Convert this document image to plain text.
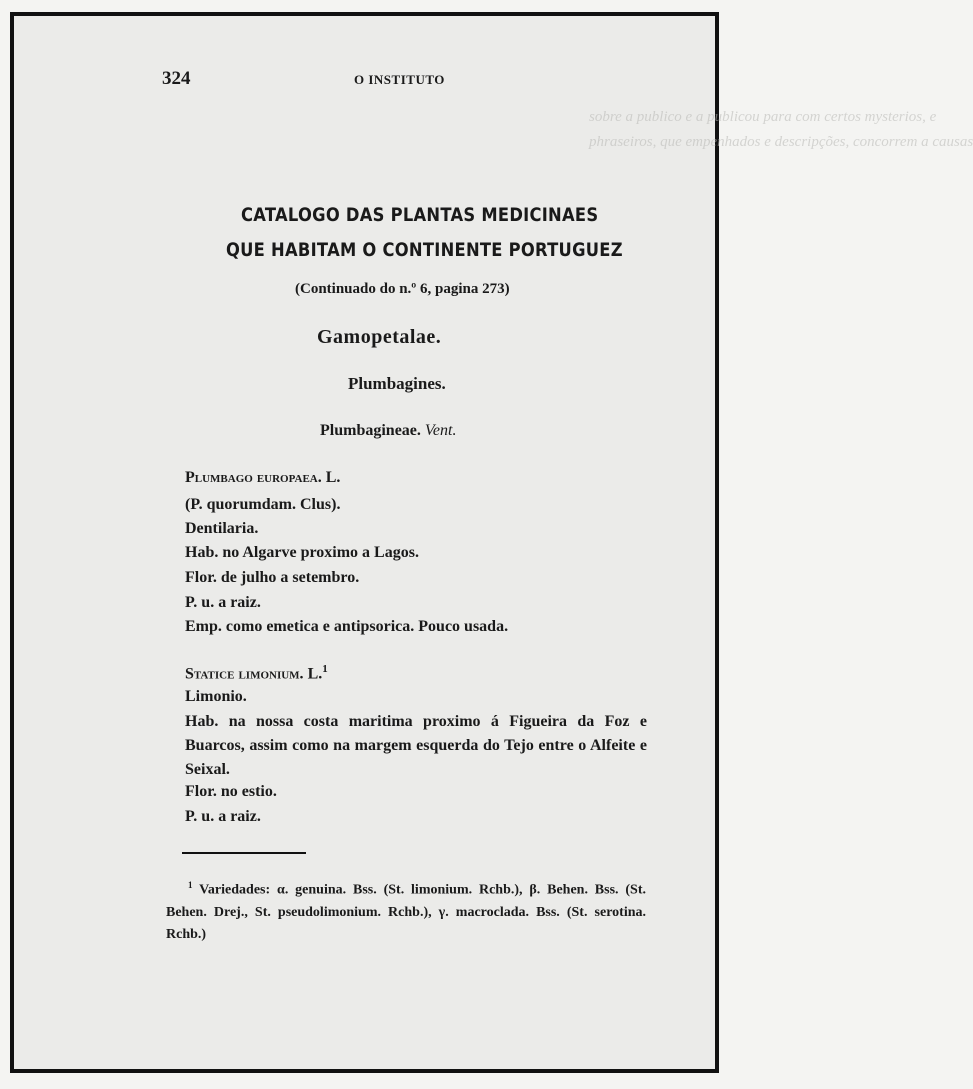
sobre a publico e a publicou para com certos mysterios, e
phraseiros, que empenhados e descripções, concorrem a causas
324	O INSTITUTO
CATALOGO DAS PLANTAS MEDICINAES
QUE HABITAM O CONTINENTE PORTUGUEZ
(Continuado do n.º 6, pagina 273)
Gamopetalae.
Plumbagines.
Plumbagineae. Vent.
Plumbago europaea. L.
(P. quorumdam. Clus).
Dentilaria.
Hab. no Algarve proximo a Lagos.
Flor. de julho a setembro.
P. u. a raiz.
Emp. como emetica e antipsorica. Pouco usada.
Statice limonium. L.$^1$
Limonio.
Hab. na nossa costa maritima proximo á Figueira da Foz e Buarcos, assim como na margem esquerda do Tejo entre o Alfeite e Seixal.
Flor. no estio.
P. u. a raiz.
$^1$ Variedades: α. genuina. Bss. (St. limonium. Rchb.), β. Behen. Bss. (St. Behen. Drej., St. pseudolimonium. Rchb.), γ. macroclada. Bss. (St. serotina. Rchb.)
